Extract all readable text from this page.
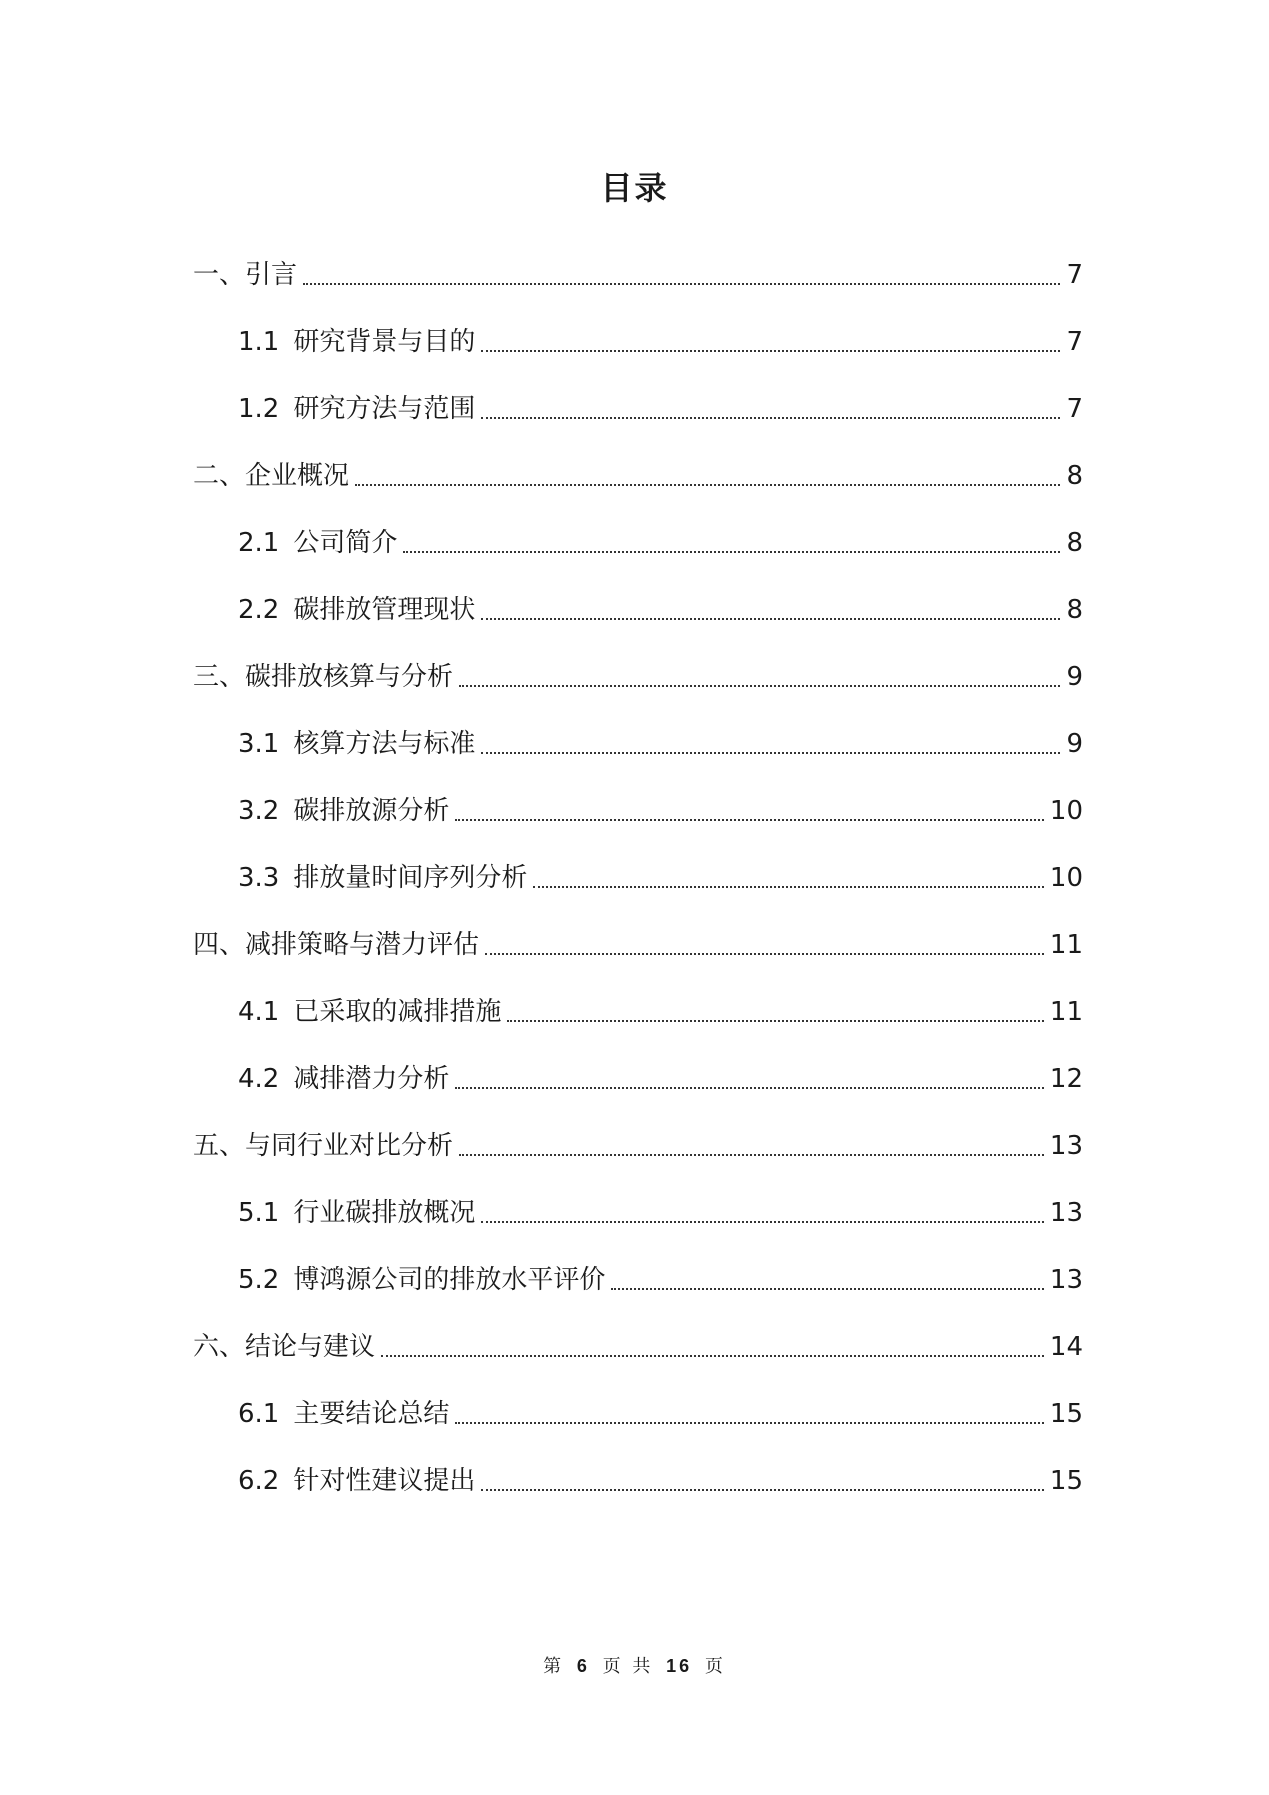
目录
一、引言	7
1.1 研究背景与目的	7
1.2 研究方法与范围	7
二、企业概况	8
2.1 公司简介	8
2.2 碳排放管理现状	8
三、碳排放核算与分析	9
3.1 核算方法与标准	9
3.2 碳排放源分析	10
3.3 排放量时间序列分析	10
四、减排策略与潜力评估	11
4.1 已采取的减排措施	11
4.2 减排潜力分析	12
五、与同行业对比分析	13
5.1 行业碳排放概况	13
5.2 博鸿源公司的排放水平评价	13
六、结论与建议	14
6.1 主要结论总结	15
6.2 针对性建议提出	15
第 6 页 共 16 页
